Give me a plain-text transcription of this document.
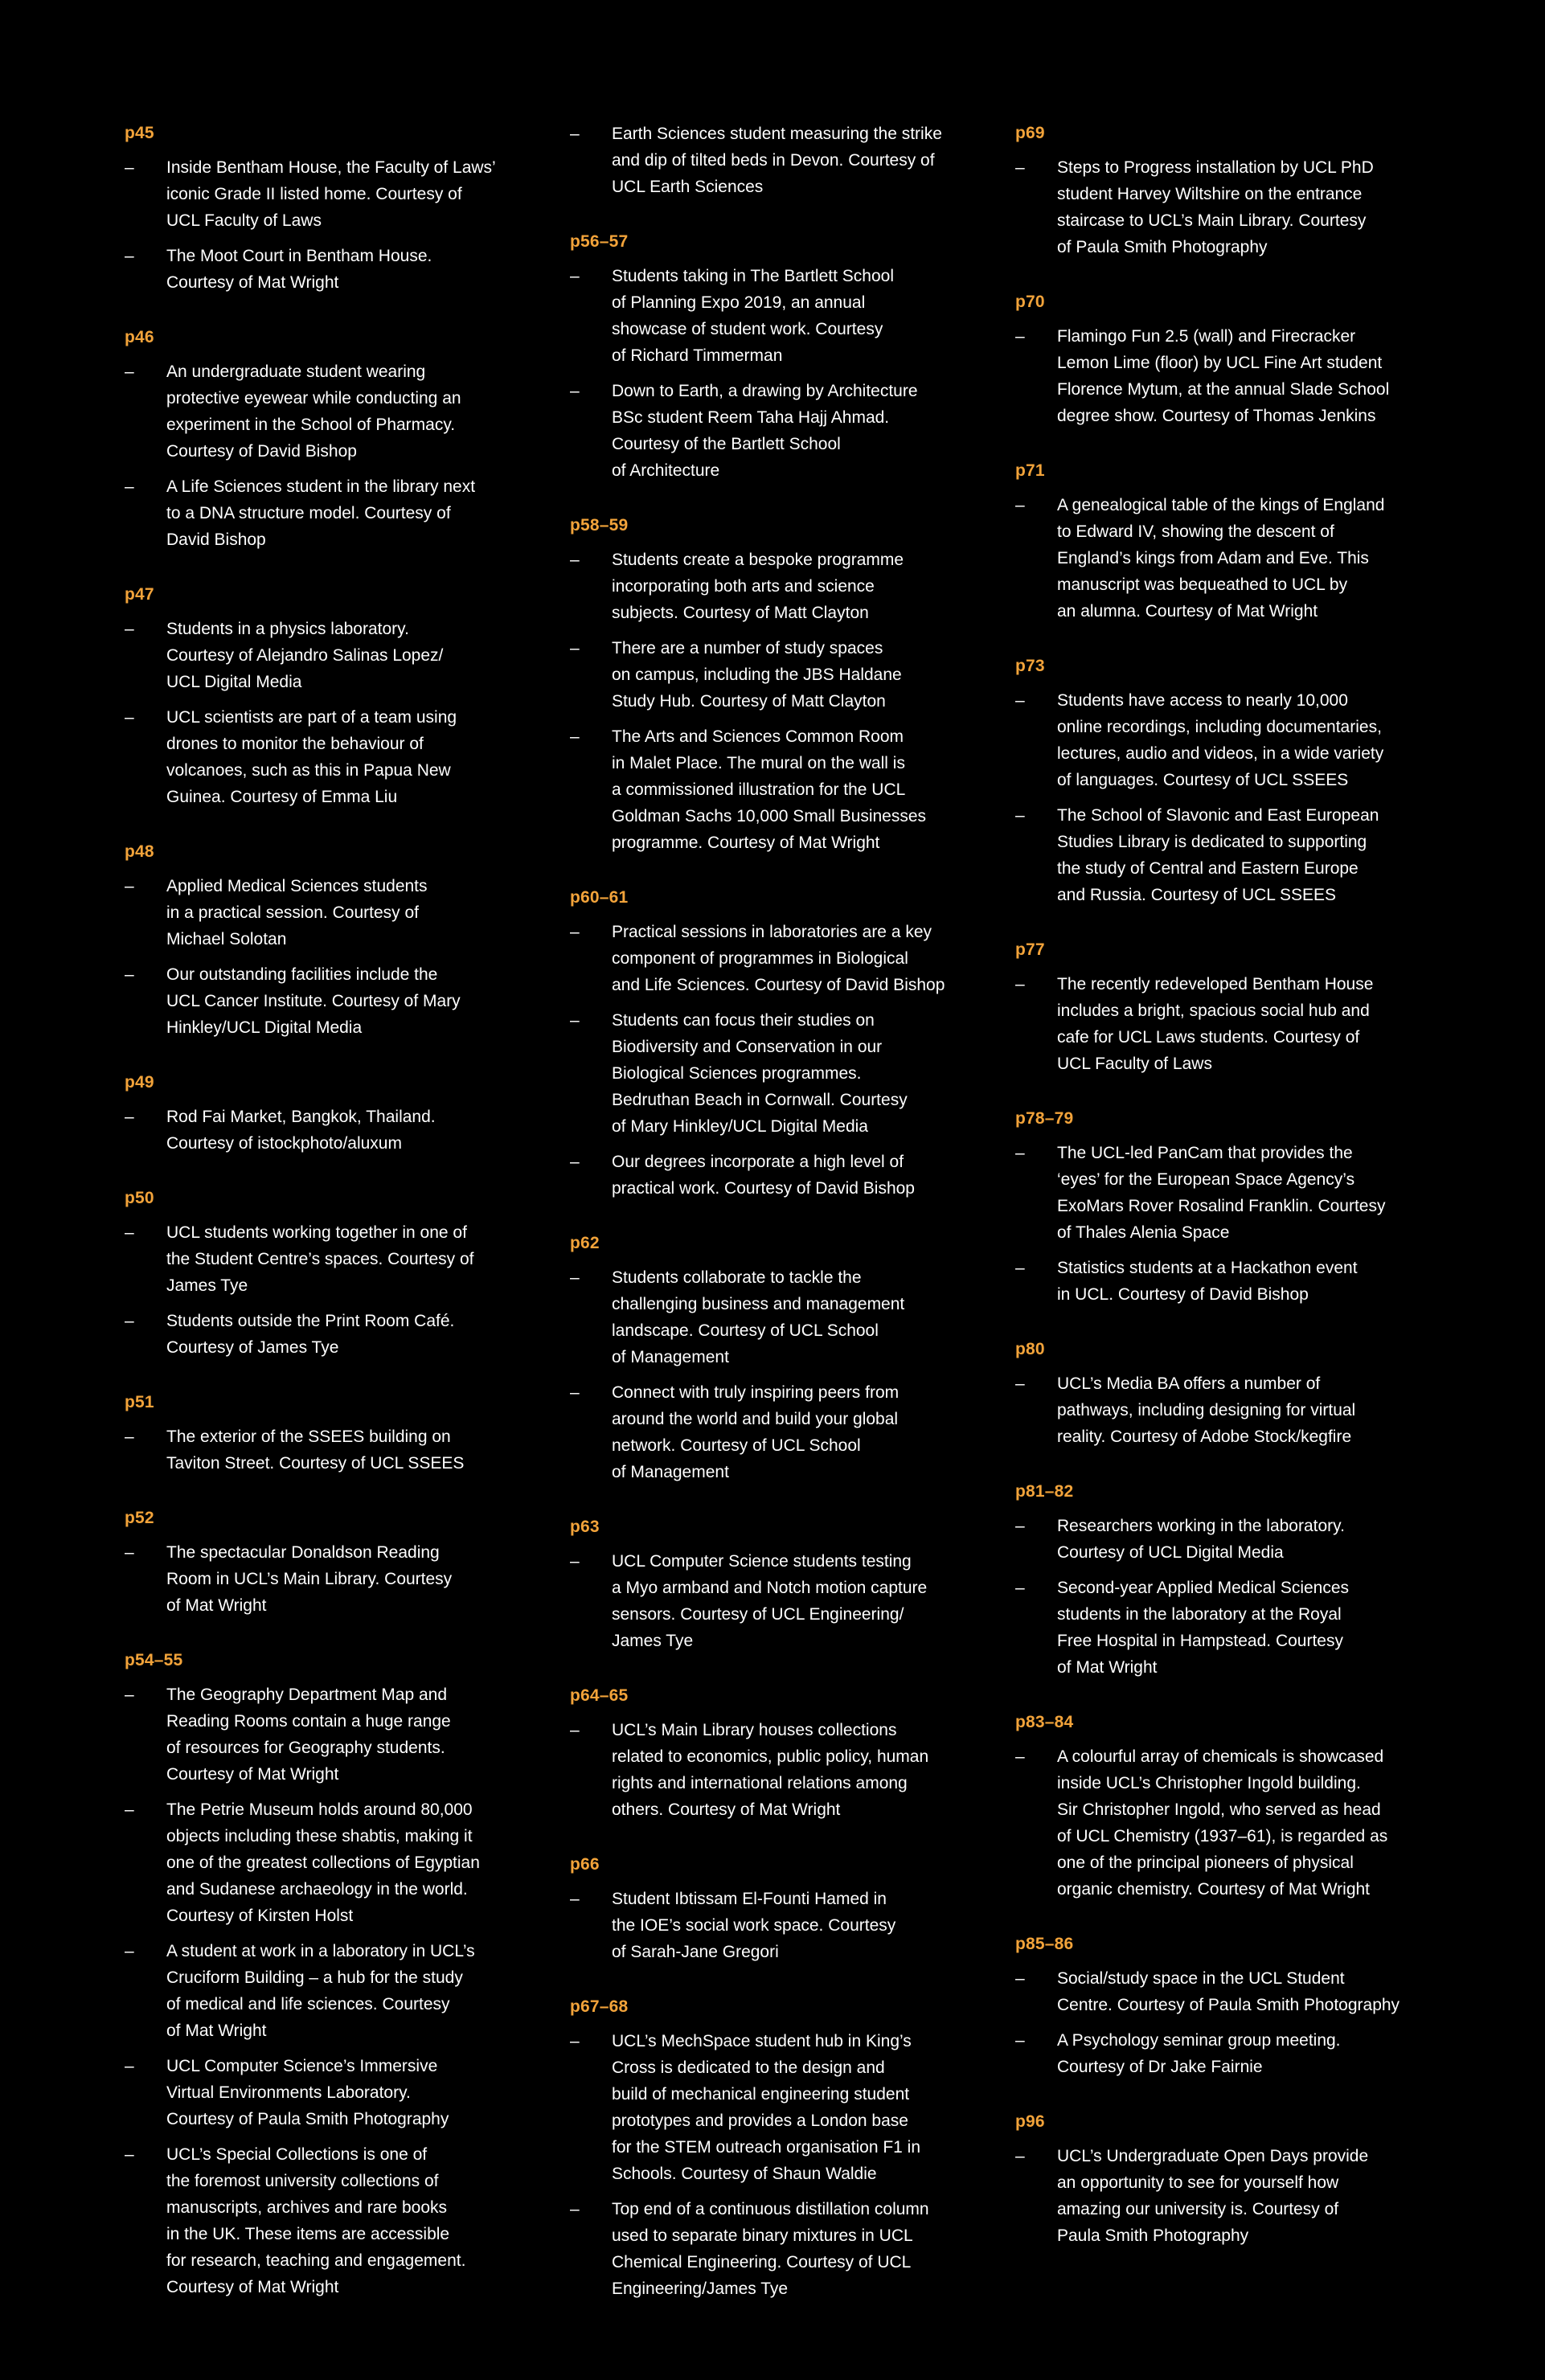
p45
–	Inside Bentham House, the Faculty of Laws’
iconic Grade II listed home. Courtesy of
UCL Faculty of Laws
–	The Moot Court in Bentham House.
Courtesy of Mat Wright
p46
–	An undergraduate student wearing
protective eyewear while conducting an
experiment in the School of Pharmacy.
Courtesy of David Bishop
–	A Life Sciences student in the library next
to a DNA structure model. Courtesy of
David Bishop
p47
–	Students in a physics laboratory.
Courtesy of Alejandro Salinas Lopez/
UCL Digital Media
–	UCL scientists are part of a team using
drones to monitor the behaviour of
volcanoes, such as this in Papua New
Guinea. Courtesy of Emma Liu
p48
–	Applied Medical Sciences students
in a practical session. Courtesy of
Michael Solotan
–	Our outstanding facilities include the
UCL Cancer Institute. Courtesy of Mary
Hinkley/UCL Digital Media
p49
–	Rod Fai Market, Bangkok, Thailand.
Courtesy of istockphoto/aluxum
p50
–	UCL students working together in one of
the Student Centre’s spaces. Courtesy of
James Tye
–	Students outside the Print Room Café.
Courtesy of James Tye
p51
–	The exterior of the SSEES building on
Taviton Street. Courtesy of UCL SSEES
p52
–	The spectacular Donaldson Reading
Room in UCL’s Main Library. Courtesy
of Mat Wright
p54–55
–	The Geography Department Map and
Reading Rooms contain a huge range
of resources for Geography students.
Courtesy of Mat Wright
–	The Petrie Museum holds around 80,000
objects including these shabtis, making it
one of the greatest collections of Egyptian
and Sudanese archaeology in the world.
Courtesy of Kirsten Holst
–	A student at work in a laboratory in UCL’s
Cruciform Building – a hub for the study
of medical and life sciences. Courtesy
of Mat Wright
–	UCL Computer Science’s Immersive
Virtual Environments Laboratory.
Courtesy of Paula Smith Photography
–	UCL’s Special Collections is one of
the foremost university collections of
manuscripts, archives and rare books
in the UK. These items are accessible
for research, teaching and engagement.
Courtesy of Mat Wright
–	Earth Sciences student measuring the strike
and dip of tilted beds in Devon. Courtesy of
UCL Earth Sciences
p56–57
–	Students taking in The Bartlett School
of Planning Expo 2019, an annual
showcase of student work. Courtesy
of Richard Timmerman
–	Down to Earth, a drawing by Architecture
BSc student Reem Taha Hajj Ahmad.
Courtesy of the Bartlett School
of Architecture
p58–59
–	Students create a bespoke programme
incorporating both arts and science
subjects. Courtesy of Matt Clayton
–	There are a number of study spaces
on campus, including the JBS Haldane
Study Hub. Courtesy of Matt Clayton
–	The Arts and Sciences Common Room
in Malet Place. The mural on the wall is
a commissioned illustration for the UCL
Goldman Sachs 10,000 Small Businesses
programme. Courtesy of Mat Wright
p60–61
–	Practical sessions in laboratories are a key
component of programmes in Biological
and Life Sciences. Courtesy of David Bishop
–	Students can focus their studies on
Biodiversity and Conservation in our
Biological Sciences programmes.
Bedruthan Beach in Cornwall. Courtesy
of Mary Hinkley/UCL Digital Media
–	Our degrees incorporate a high level of
practical work. Courtesy of David Bishop
p62
–	Students collaborate to tackle the
challenging business and management
landscape. Courtesy of UCL School
of Management
–	Connect with truly inspiring peers from
around the world and build your global
network. Courtesy of UCL School
of Management
p63
–	UCL Computer Science students testing
a Myo armband and Notch motion capture
sensors. Courtesy of UCL Engineering/
James Tye
p64–65
–	UCL’s Main Library houses collections
related to economics, public policy, human
rights and international relations among
others. Courtesy of Mat Wright
p66
–	Student Ibtissam El-Founti Hamed in
the IOE’s social work space. Courtesy
of Sarah-Jane Gregori
p67–68
–	UCL’s MechSpace student hub in King’s
Cross is dedicated to the design and
build of mechanical engineering student
prototypes and provides a London base
for the STEM outreach organisation F1 in
Schools. Courtesy of Shaun Waldie
–	Top end of a continuous distillation column
used to separate binary mixtures in UCL
Chemical Engineering. Courtesy of UCL
Engineering/James Tye
p69
–	Steps to Progress installation by UCL PhD
student Harvey Wiltshire on the entrance
staircase to UCL’s Main Library. Courtesy
of Paula Smith Photography
p70
–	Flamingo Fun 2.5 (wall) and Firecracker
Lemon Lime (floor) by UCL Fine Art student
Florence Mytum, at the annual Slade School
degree show. Courtesy of Thomas Jenkins
p71
–	A genealogical table of the kings of England
to Edward IV, showing the descent of
England’s kings from Adam and Eve. This
manuscript was bequeathed to UCL by
an alumna. Courtesy of Mat Wright
p73
–	Students have access to nearly 10,000
online recordings, including documentaries,
lectures, audio and videos, in a wide variety
of languages. Courtesy of UCL SSEES
–	The School of Slavonic and East European
Studies Library is dedicated to supporting
the study of Central and Eastern Europe
and Russia. Courtesy of UCL SSEES
p77
–	The recently redeveloped Bentham House
includes a bright, spacious social hub and
cafe for UCL Laws students. Courtesy of
UCL Faculty of Laws
p78–79
–	The UCL-led PanCam that provides the
‘eyes’ for the European Space Agency’s
ExoMars Rover Rosalind Franklin. Courtesy
of Thales Alenia Space
–	Statistics students at a Hackathon event
in UCL. Courtesy of David Bishop
p80
–	UCL’s Media BA offers a number of
pathways, including designing for virtual
reality. Courtesy of Adobe Stock/kegfire
p81–82
–	Researchers working in the laboratory.
Courtesy of UCL Digital Media
–	Second-year Applied Medical Sciences
students in the laboratory at the Royal
Free Hospital in Hampstead. Courtesy
of Mat Wright
p83–84
–	A colourful array of chemicals is showcased
inside UCL’s Christopher Ingold building.
Sir Christopher Ingold, who served as head
of UCL Chemistry (1937–61), is regarded as
one of the principal pioneers of physical
organic chemistry. Courtesy of Mat Wright
p85–86
–	Social/study space in the UCL Student
Centre. Courtesy of Paula Smith Photography
–	A Psychology seminar group meeting.
Courtesy of Dr Jake Fairnie
p96
–	UCL’s Undergraduate Open Days provide
an opportunity to see for yourself how
amazing our university is. Courtesy of
Paula Smith Photography
